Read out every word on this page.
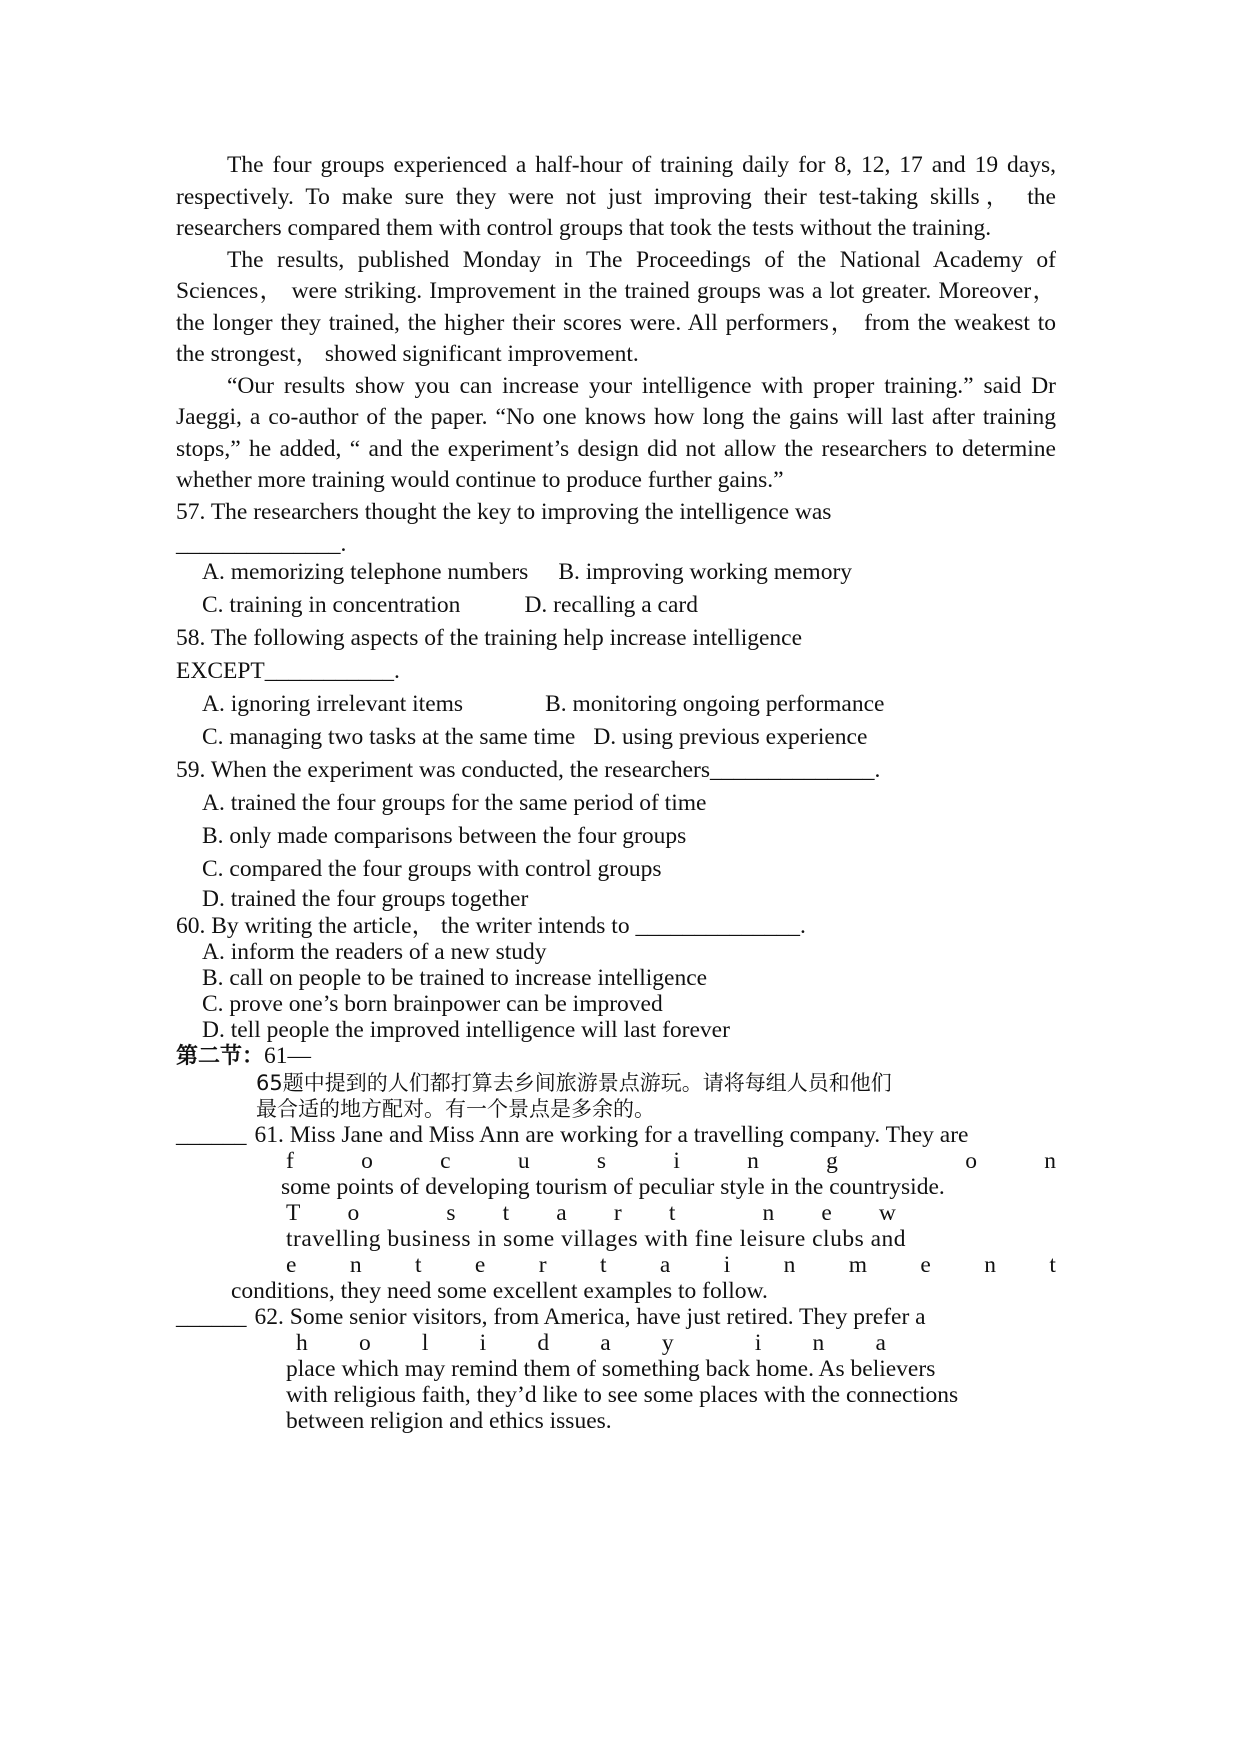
The four groups experienced a half-hour of training daily for 8, 12, 17 and 19 days, respectively. To make sure they were not just improving their test-taking skills， the researchers compared them with control groups that took the tests without the training.

The results, published Monday in The Proceedings of the National Academy of Sciences， were striking. Improvement in the trained groups was a lot greater. Moreover， the longer they trained, the higher their scores were. All performers， from the weakest to the strongest， showed significant improvement.

“Our results show you can increase your intelligence with proper training.” said Dr Jaeggi, a co-author of the paper. “No one knows how long the gains will last after training stops,” he added, “ and the experiment’s design did not allow the researchers to determine whether more training would continue to produce further gains.”

57. The researchers thought the key to improving the intelligence was

______________.

A. memorizing telephone numbers B. improving working memory
C. training in concentration	D. recalling a card

58. The following aspects of the training help increase intelligence

EXCEPT___________.

A. ignoring irrelevant items	B. monitoring ongoing performance
C. managing two tasks at the same time D. using previous experience

59. When the experiment was conducted, the researchers______________.

A. trained the four groups for the same period of time

B. only made comparisons between the four groups

C. compared the four groups with control groups

D. trained the four groups together

60. By writing the article， the writer intends to ______________.

A. inform the readers of a new study

B. call on people to be trained to increase intelligence

C. prove one’s born brainpower can be improved

D. tell people the improved intelligence will last forever

第二节：61—

65题中提到的人们都打算去乡间旅游景点游玩。请将每组人员和他们

最合适的地方配对。有一个景点是多余的。

______ 61. Miss Jane and Miss Ann are working for a travelling company. They are
f	o	c	u	s	i	n	g	o	n

some points of developing tourism of peculiar style in the countryside.

T o	s t a r t	n e w

travelling business in some villages with fine leisure clubs and

e n t e r t a i n m e n t

conditions, they need some excellent examples to follow.

______ 62. Some senior visitors, from America, have just retired. They prefer a
h o l i d a y	i n a

place which may remind them of something back home. As believers

with religious faith, they’d like to see some places with the connections

between religion and ethics issues.
